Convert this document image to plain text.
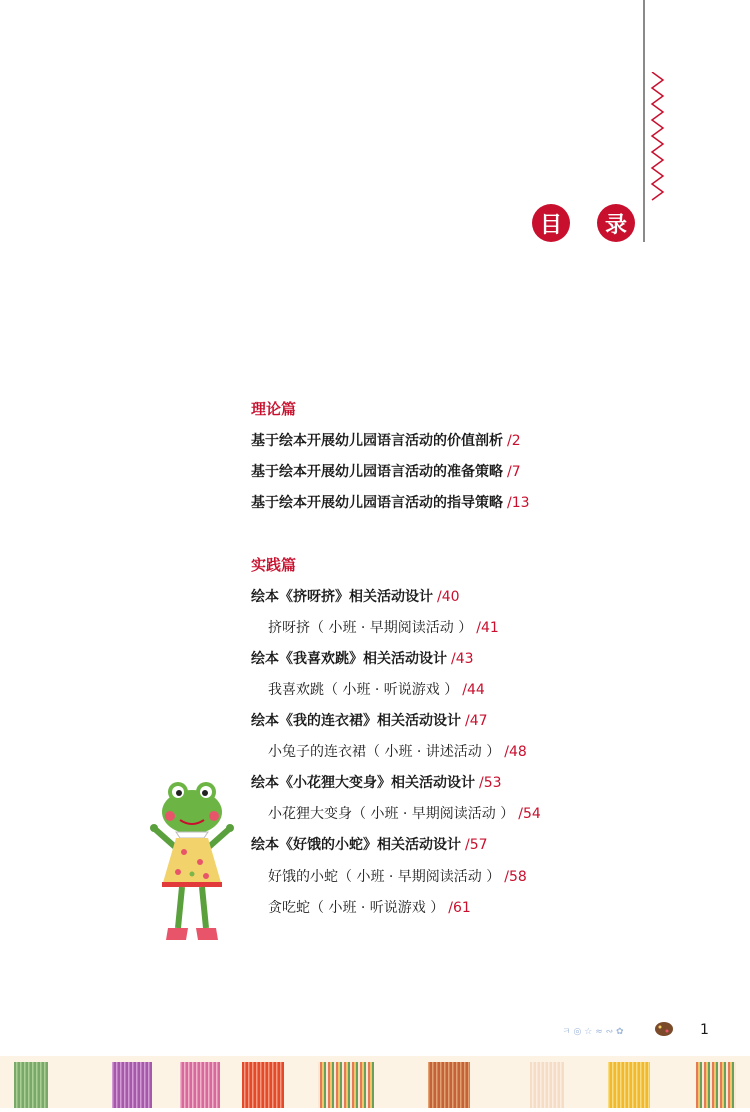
目	录
理论篇
基于绘本开展幼儿园语言活动的价值剖析 /2
基于绘本开展幼儿园语言活动的准备策略 /7
基于绘本开展幼儿园语言活动的指导策略 /13
实践篇
绘本《挤呀挤》相关活动设计 /40
挤呀挤（ 小班 · 早期阅读活动 ） /41
绘本《我喜欢跳》相关活动设计 /43
我喜欢跳（ 小班 · 听说游戏 ） /44
绘本《我的连衣裙》相关活动设计 /47
小兔子的连衣裙（ 小班 · 讲述活动 ） /48
绘本《小花狸大变身》相关活动设计 /53
小花狸大变身（ 小班 · 早期阅读活动 ） /54
绘本《好饿的小蛇》相关活动设计 /57
好饿的小蛇（ 小班 · 早期阅读活动 ） /58
贪吃蛇（ 小班 · 听说游戏 ） /61
ㅋ ◎ ☆ ≈ ∾ ✿	1
